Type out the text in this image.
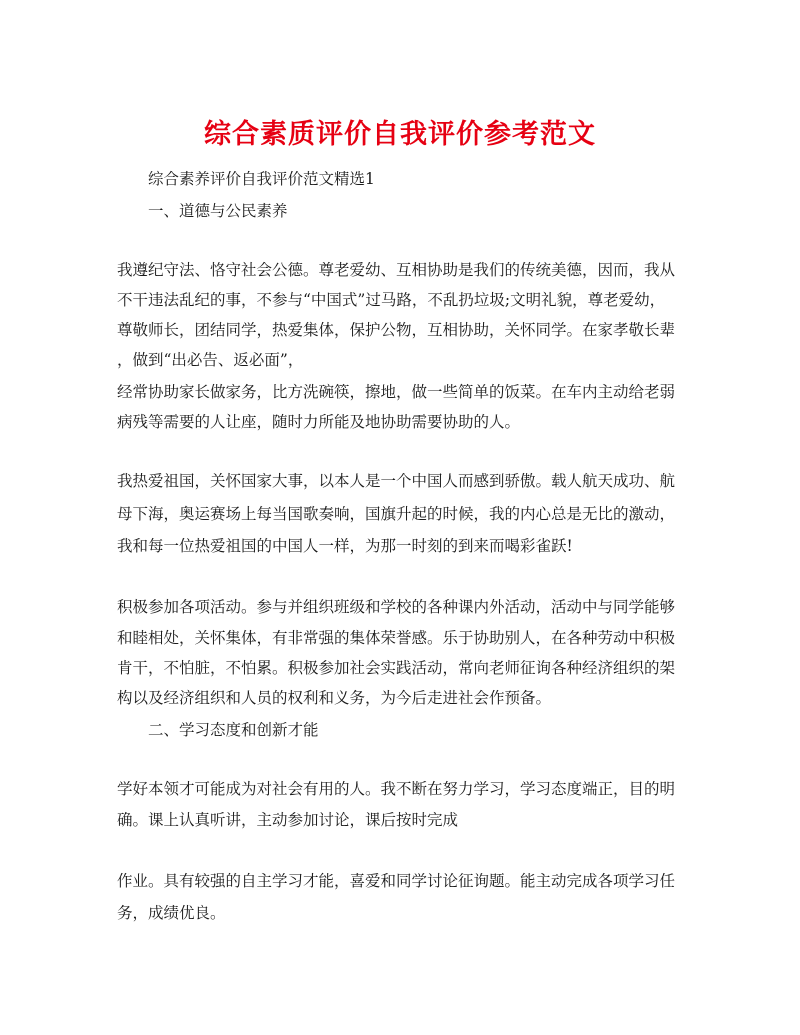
综合素质评价自我评价参考范文

综合素养评价自我评价范文精选1

一、道德与公民素养

我遵纪守法、恪守社会公德。尊老爱幼、互相协助是我们的传统美德，因而，我从

不干违法乱纪的事，不参与“中国式”过马路，不乱扔垃圾;文明礼貌，尊老爱幼，

尊敬师长，团结同学，热爱集体，保护公物，互相协助，关怀同学。在家孝敬长辈

，做到“出必告、返必面”，

经常协助家长做家务，比方洗碗筷，擦地，做一些简单的饭菜。在车内主动给老弱

病残等需要的人让座，随时力所能及地协助需要协助的人。

我热爱祖国，关怀国家大事，以本人是一个中国人而感到骄傲。载人航天成功、航

母下海，奥运赛场上每当国歌奏响，国旗升起的时候，我的内心总是无比的激动，

我和每一位热爱祖国的中国人一样，为那一时刻的到来而喝彩雀跃!

积极参加各项活动。参与并组织班级和学校的各种课内外活动，活动中与同学能够

和睦相处，关怀集体，有非常强的集体荣誉感。乐于协助别人，在各种劳动中积极

肯干，不怕脏，不怕累。积极参加社会实践活动，常向老师征询各种经济组织的架

构以及经济组织和人员的权利和义务，为今后走进社会作预备。

二、学习态度和创新才能

学好本领才可能成为对社会有用的人。我不断在努力学习，学习态度端正，目的明

确。课上认真听讲，主动参加讨论，课后按时完成

作业。具有较强的自主学习才能，喜爱和同学讨论征询题。能主动完成各项学习任

务，成绩优良。
